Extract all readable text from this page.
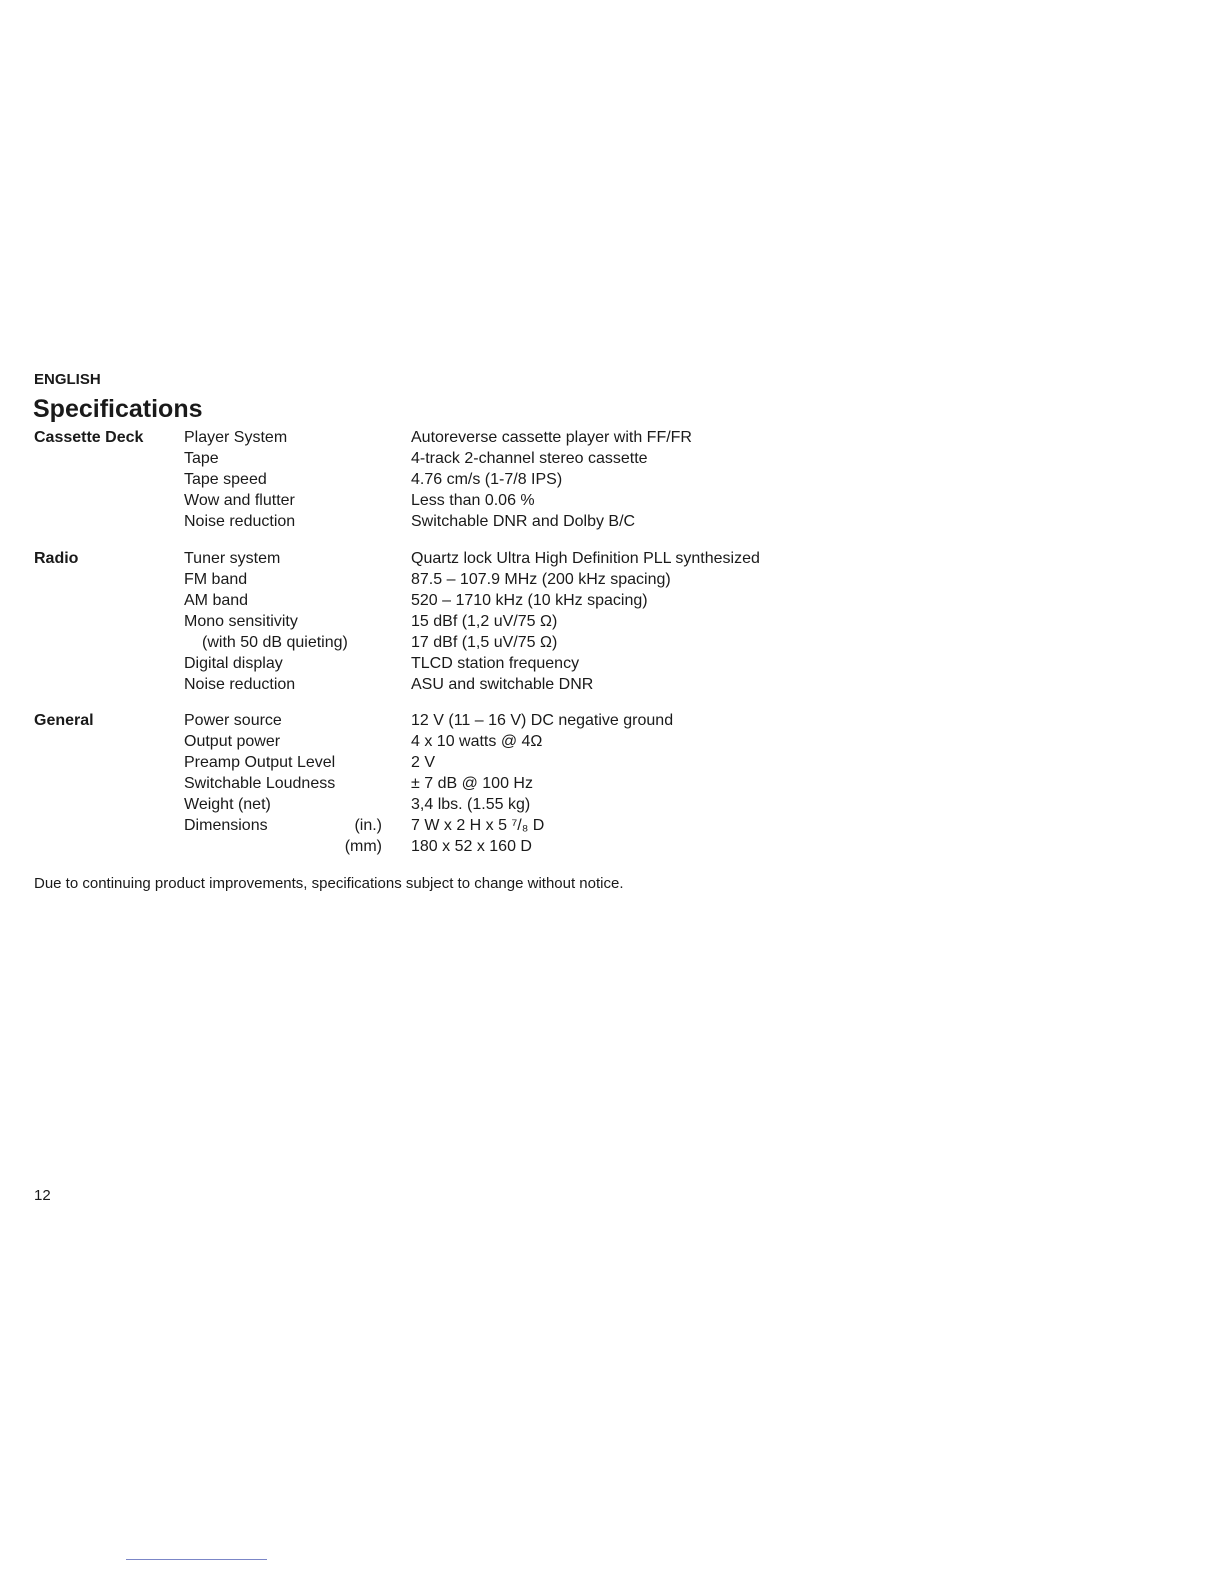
ENGLISH
Specifications
Cassette Deck	Player System	Autoreverse cassette player with FF/FR
Tape	4-track 2-channel stereo cassette
Tape speed	4.76 cm/s (1-7/8 IPS)
Wow and flutter	Less than 0.06 %
Noise reduction	Switchable DNR and Dolby B/C
Radio	Tuner system	Quartz lock Ultra High Definition PLL synthesized
FM band	87.5 – 107.9 MHz (200 kHz spacing)
AM band	520 – 1710 kHz (10 kHz spacing)
Mono sensitivity	15 dBf (1,2 uV/75 Ω)
(with 50 dB quieting)	17 dBf (1,5 uV/75 Ω)
Digital display	TLCD station frequency
Noise reduction	ASU and switchable DNR
General	Power source	12 V (11 – 16 V) DC negative ground
Output power	4 x 10 watts @ 4Ω
Preamp Output Level	2 V
Switchable Loudness	± 7 dB @ 100 Hz
Weight (net)	3,4 lbs. (1.55 kg)
Dimensions	(in.) 7 W x 2 H x 5 ⁷/₈ D
(mm) 180 x 52 x 160 D
Due to continuing product improvements, specifications subject to change without notice.
12
